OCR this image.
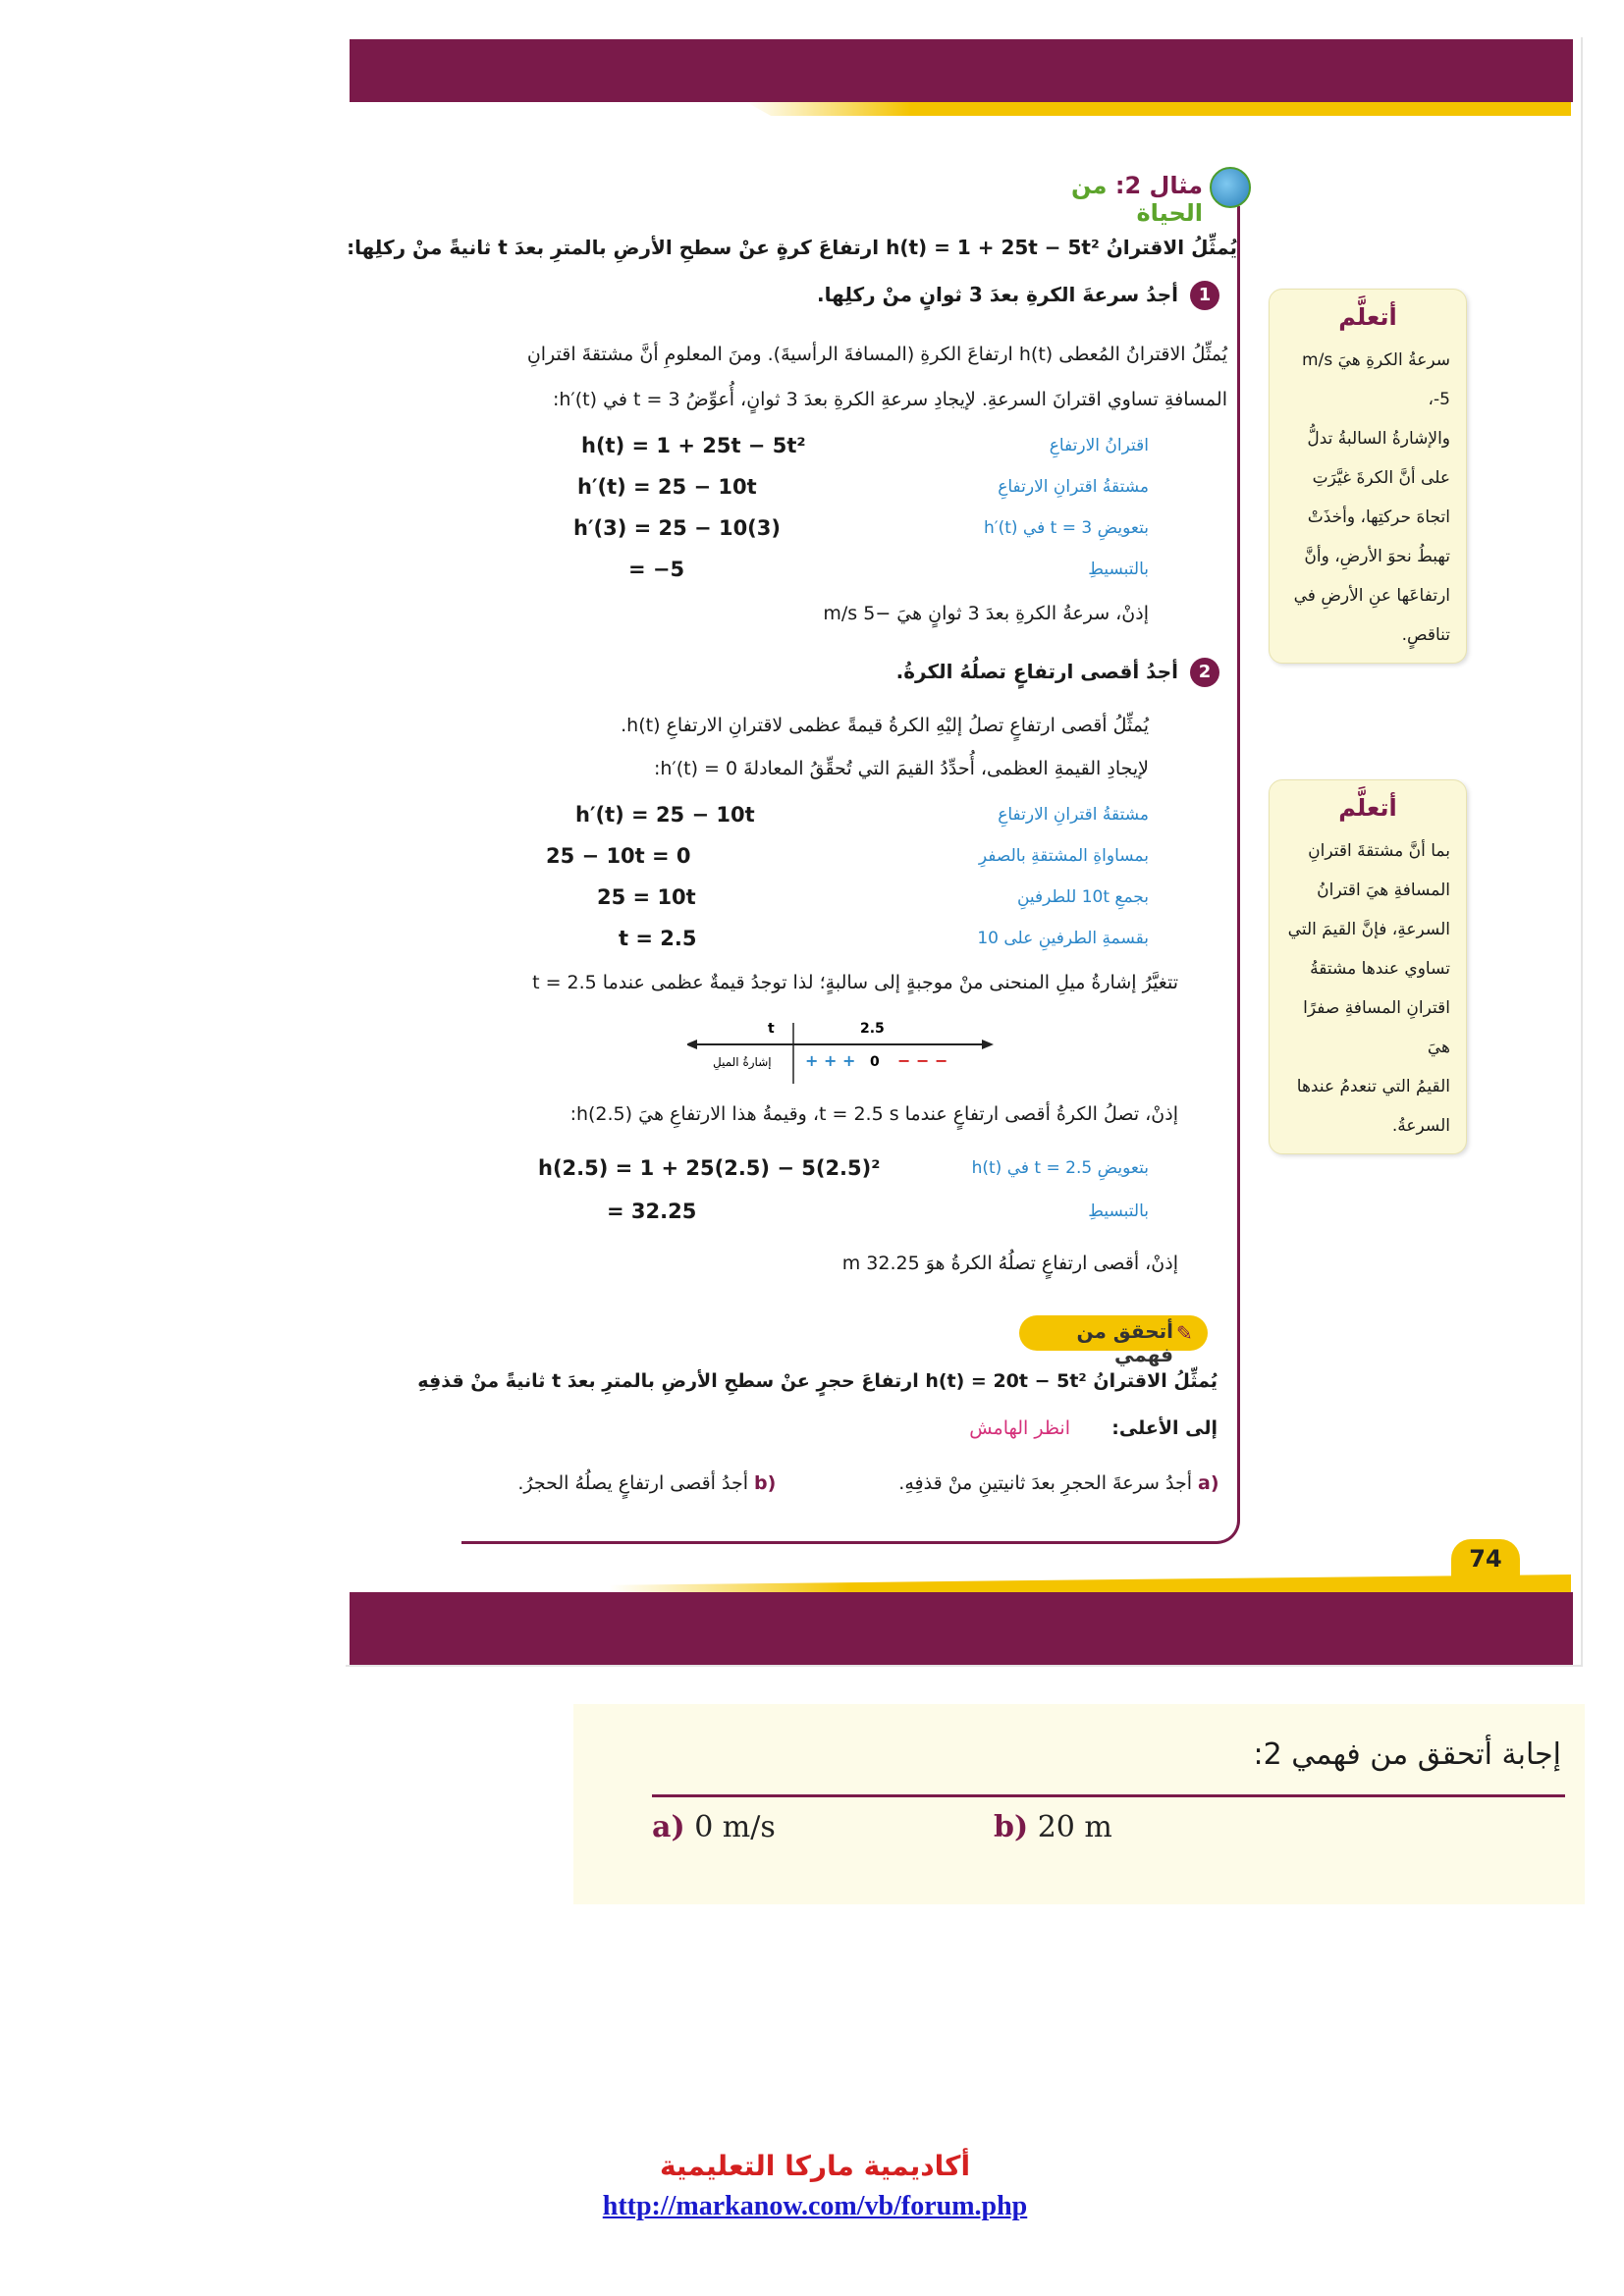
مثال 2: من الحياة
يُمثِّلُ الاقترانُ h(t) = 1 + 25t − 5t² ارتفاعَ كرةٍ عنْ سطحِ الأرضِ بالمترِ بعدَ t ثانيةً منْ ركلِها:
1
أجدُ سرعةَ الكرةِ بعدَ 3 ثوانٍ منْ ركلِها.
يُمثِّلُ الاقترانُ المُعطى h(t) ارتفاعَ الكرةِ (المسافةَ الرأسيةَ). ومنَ المعلومِ أنَّ مشتقةَ اقترانِ
المسافةِ تساوي اقترانَ السرعةِ. لإيجادِ سرعةِ الكرةِ بعدَ 3 ثوانٍ، أُعوِّضُ t = 3 في h′(t):
h(t) = 1 + 25t − 5t²	اقترانُ الارتفاعِ
h′(t) = 25 − 10t	مشتقةُ اقترانِ الارتفاعِ
h′(3) = 25 − 10(3)	بتعويضِ t = 3 في h′(t)
= −5	بالتبسيطِ
إذنْ، سرعةُ الكرةِ بعدَ 3 ثوانٍ هيَ −5 m/s
2
أجدُ أقصى ارتفاعٍ تصلُهُ الكرةُ.
يُمثِّلُ أقصى ارتفاعٍ تصلُ إليْهِ الكرةُ قيمةً عظمى لاقترانِ الارتفاعِ h(t).
لإيجادِ القيمةِ العظمى، أُحدِّدُ القيمَ التي تُحقِّقُ المعادلةَ h′(t) = 0:
h′(t) = 25 − 10t	مشتقةُ اقترانِ الارتفاعِ
25 − 10t = 0	بمساواةِ المشتقةِ بالصفرِ
25 = 10t	بجمعِ 10t للطرفينِ
t = 2.5	بقسمةِ الطرفينِ على 10
تتغيَّرُ إشارةُ ميلِ المنحنى منْ موجبةٍ إلى سالبةٍ؛ لذا توجدُ قيمةٌ عظمى عندما t = 2.5
t	2.5
إشارةُ الميلِ + + + 0 − − −
إذنْ، تصلُ الكرةُ أقصى ارتفاعٍ عندما t = 2.5 s، وقيمةُ هذا الارتفاعِ هيَ h(2.5):
h(2.5) = 1 + 25(2.5) − 5(2.5)²	بتعويضِ t = 2.5 في h(t)
= 32.25	بالتبسيطِ
إذنْ، أقصى ارتفاعٍ تصلُهُ الكرةُ هوَ 32.25 m
أتحقق من فهمي
✎
يُمثِّلُ الاقترانُ h(t) = 20t − 5t² ارتفاعَ حجرٍ عنْ سطحِ الأرضِ بالمترِ بعدَ t ثانيةً منْ قذفِهِ
إلى الأعلى:
انظر الهامش
a)
أجدُ سرعةَ الحجرِ بعدَ ثانيتينِ منْ قذفِهِ.
b)
أجدُ أقصى ارتفاعٍ يصلُهُ الحجرُ.
أتعلَّم
سرعةُ الكرةِ هيَ m/s 5-،
والإشارةُ السالبةُ تدلُّ
على أنَّ الكرةَ غيَّرَتِ
اتجاهَ حركتِها، وأخذَتْ
تهبطُ نحوَ الأرضِ، وأنَّ
ارتفاعَها عنِ الأرضِ في
تناقصٍ.
أتعلَّم
بما أنَّ مشتقةَ اقترانِ
المسافةِ هيَ اقترانُ
السرعةِ، فإنَّ القيمَ التي
تساوي عندها مشتقةُ
اقترانِ المسافةِ صفرًا هيَ
القيمُ التي تنعدمُ عندها
السرعةُ.
74
إجابة أتحقق من فهمي 2:
a) 0 m/s	b) 20 m
أكاديمية ماركا التعليمية
http://markanow.com/vb/forum.php
